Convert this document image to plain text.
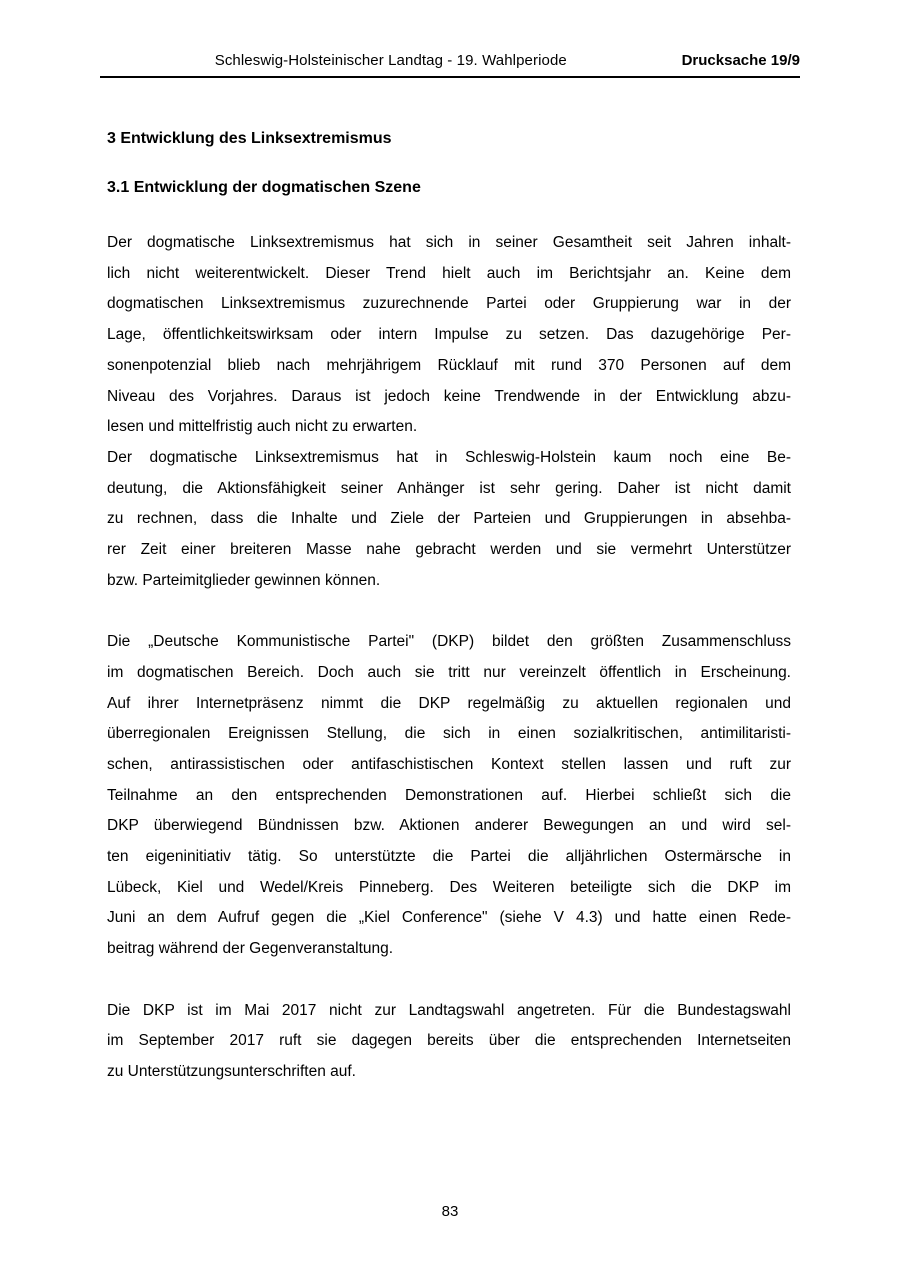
Schleswig-Holsteinischer Landtag - 19. Wahlperiode	Drucksache 19/9
3 Entwicklung des Linksextremismus
3.1 Entwicklung der dogmatischen Szene
Der dogmatische Linksextremismus hat sich in seiner Gesamtheit seit Jahren inhalt-
lich nicht weiterentwickelt. Dieser Trend hielt auch im Berichtsjahr an. Keine dem
dogmatischen Linksextremismus zuzurechnende Partei oder Gruppierung war in der
Lage, öffentlichkeitswirksam oder intern Impulse zu setzen. Das dazugehörige Per-
sonenpotenzial blieb nach mehrjährigem Rücklauf mit rund 370 Personen auf dem
Niveau des Vorjahres. Daraus ist jedoch keine Trendwende in der Entwicklung abzu-
lesen und mittelfristig auch nicht zu erwarten.
Der dogmatische Linksextremismus hat in Schleswig-Holstein kaum noch eine Be-
deutung, die Aktionsfähigkeit seiner Anhänger ist sehr gering. Daher ist nicht damit
zu rechnen, dass die Inhalte und Ziele der Parteien und Gruppierungen in absehba-
rer Zeit einer breiteren Masse nahe gebracht werden und sie vermehrt Unterstützer
bzw. Parteimitglieder gewinnen können.
Die „Deutsche Kommunistische Partei" (DKP) bildet den größten Zusammenschluss
im dogmatischen Bereich. Doch auch sie tritt nur vereinzelt öffentlich in Erscheinung.
Auf ihrer Internetpräsenz nimmt die DKP regelmäßig zu aktuellen regionalen und
überregionalen Ereignissen Stellung, die sich in einen sozialkritischen, antimilitaristi-
schen, antirassistischen oder antifaschistischen Kontext stellen lassen und ruft zur
Teilnahme an den entsprechenden Demonstrationen auf. Hierbei schließt sich die
DKP überwiegend Bündnissen bzw. Aktionen anderer Bewegungen an und wird sel-
ten eigeninitiativ tätig. So unterstützte die Partei die alljährlichen Ostermärsche in
Lübeck, Kiel und Wedel/Kreis Pinneberg. Des Weiteren beteiligte sich die DKP im
Juni an dem Aufruf gegen die „Kiel Conference" (siehe V 4.3) und hatte einen Rede-
beitrag während der Gegenveranstaltung.
Die DKP ist im Mai 2017 nicht zur Landtagswahl angetreten. Für die Bundestagswahl
im September 2017 ruft sie dagegen bereits über die entsprechenden Internetseiten
zu Unterstützungsunterschriften auf.
83
